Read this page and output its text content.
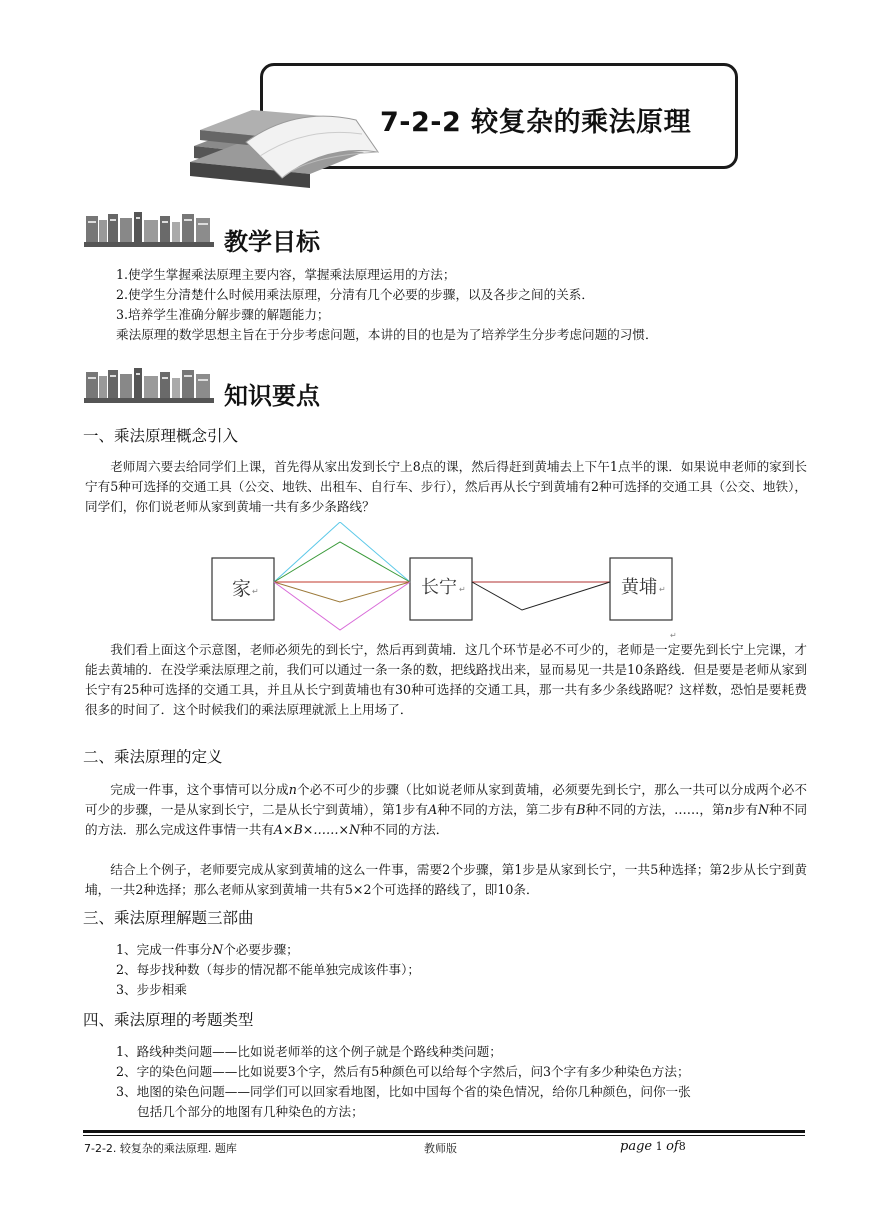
7-2-2 较复杂的乘法原理
教学目标
1.使学生掌握乘法原理主要内容，掌握乘法原理运用的方法；
2.使学生分清楚什么时候用乘法原理，分清有几个必要的步骤，以及各步之间的关系．
3.培养学生准确分解步骤的解题能力；
乘法原理的数学思想主旨在于分步考虑问题，本讲的目的也是为了培养学生分步考虑问题的习惯．
知识要点
一、乘法原理概念引入
老师周六要去给同学们上课，首先得从家出发到长宁上8点的课，然后得赶到黄埔去上下午1点半的课．如果说申老师的家到长宁有5种可选择的交通工具（公交、地铁、出租车、自行车、步行），然后再从长宁到黄埔有2种可选择的交通工具（公交、地铁），同学们，你们说老师从家到黄埔一共有多少条路线？
家 ↵	长宁 ↵	黄埔 ↵
↵
我们看上面这个示意图，老师必须先的到长宁，然后再到黄埔．这几个环节是必不可少的，老师是一定要先到长宁上完课，才能去黄埔的．在没学乘法原理之前，我们可以通过一条一条的数，把线路找出来，显而易见一共是10条路线．但是要是老师从家到长宁有25种可选择的交通工具，并且从长宁到黄埔也有30种可选择的交通工具，那一共有多少条线路呢？这样数，恐怕是要耗费很多的时间了．这个时候我们的乘法原理就派上上用场了．
二、乘法原理的定义
完成一件事，这个事情可以分成n个必不可少的步骤（比如说老师从家到黄埔，必须要先到长宁，那么一共可以分成两个必不可少的步骤，一是从家到长宁，二是从长宁到黄埔），第1步有A种不同的方法，第二步有B种不同的方法，……，第n步有N种不同的方法．那么完成这件事情一共有A×B×……×N种不同的方法．
结合上个例子，老师要完成从家到黄埔的这么一件事，需要2个步骤，第1步是从家到长宁，一共5种选择；第2步从长宁到黄埔，一共2种选择；那么老师从家到黄埔一共有5×2个可选择的路线了，即10条．
三、乘法原理解题三部曲
1、完成一件事分N个必要步骤；
2、每步找种数（每步的情况都不能单独完成该件事）；
3、步步相乘
四、乘法原理的考题类型
1、路线种类问题——比如说老师举的这个例子就是个路线种类问题；
2、字的染色问题——比如说要3个字，然后有5种颜色可以给每个字然后，问3个字有多少种染色方法；
3、地图的染色问题——同学们可以回家看地图，比如中国每个省的染色情况，给你几种颜色，问你一张
包括几个部分的地图有几种染色的方法；
7-2-2. 较复杂的乘法原理. 题库	教师版	page 1 of8
